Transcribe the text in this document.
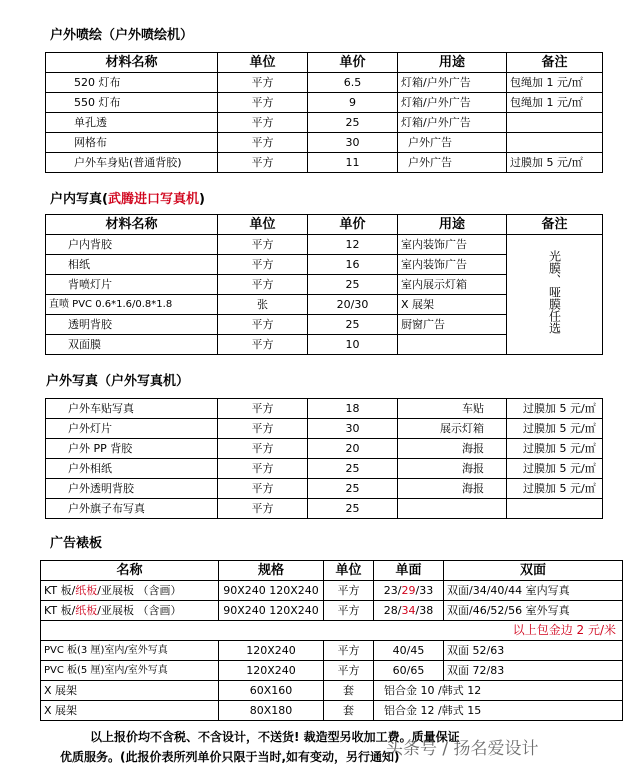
户外喷绘（户外喷绘机）
材料名称	单位	单价	用途	备注
520 灯布	平方	6.5	灯箱/户外广告	包绳加 1 元/㎡
550 灯布	平方	9	灯箱/户外广告	包绳加 1 元/㎡
单孔透	平方	25	灯箱/户外广告	
网格布	平方	30	户外广告	
户外车身贴(普通背胶)	平方	11	户外广告	过膜加 5 元/㎡
户内写真(武腾进口写真机)
材料名称	单位	单价	用途	备注
户内背胶	平方	12	室内装饰广告	光膜、哑膜任选
相纸	平方	16	室内装饰广告	
背喷灯片	平方	25	室内展示灯箱	
直喷 PVC 0.6*1.6/0.8*1.8	张	20/30	X 展架	
透明背胶	平方	25	厨窗广告	
双面膜	平方	10		
户外写真（户外写真机）
户外车贴写真	平方	18	车贴	过膜加 5 元/㎡
户外灯片	平方	30	展示灯箱	过膜加 5 元/㎡
户外 PP 背胶	平方	20	海报	过膜加 5 元/㎡
户外相纸	平方	25	海报	过膜加 5 元/㎡
户外透明背胶	平方	25	海报	过膜加 5 元/㎡
户外旗子布写真	平方	25		
广告裱板
名称	规格	单位	单面	双面
KT 板/纸板/亚展板 （含画）	90X240 120X240	平方	23/29/33	双面/34/40/44 室内写真
KT 板/纸板/亚展板 （含画）	90X240 120X240	平方	28/34/38	双面/46/52/56 室外写真
以上包金边 2 元/米				
PVC 板(3 厘)室内/室外写真	120X240	平方	40/45	双面 52/63
PVC 板(5 厘)室内/室外写真	120X240	平方	60/65	双面 72/83
X 展架	60X160	套	铝合金 10 /韩式 12	
X 展架	80X180	套	铝合金 12 /韩式 15	
以上报价均不含税、不含设计，不送货! 裁造型另收加工费。质量保证
优质服务。(此报价表所列单价只限于当时,如有变动，另行通知)
头条号 / 扬名爱设计
